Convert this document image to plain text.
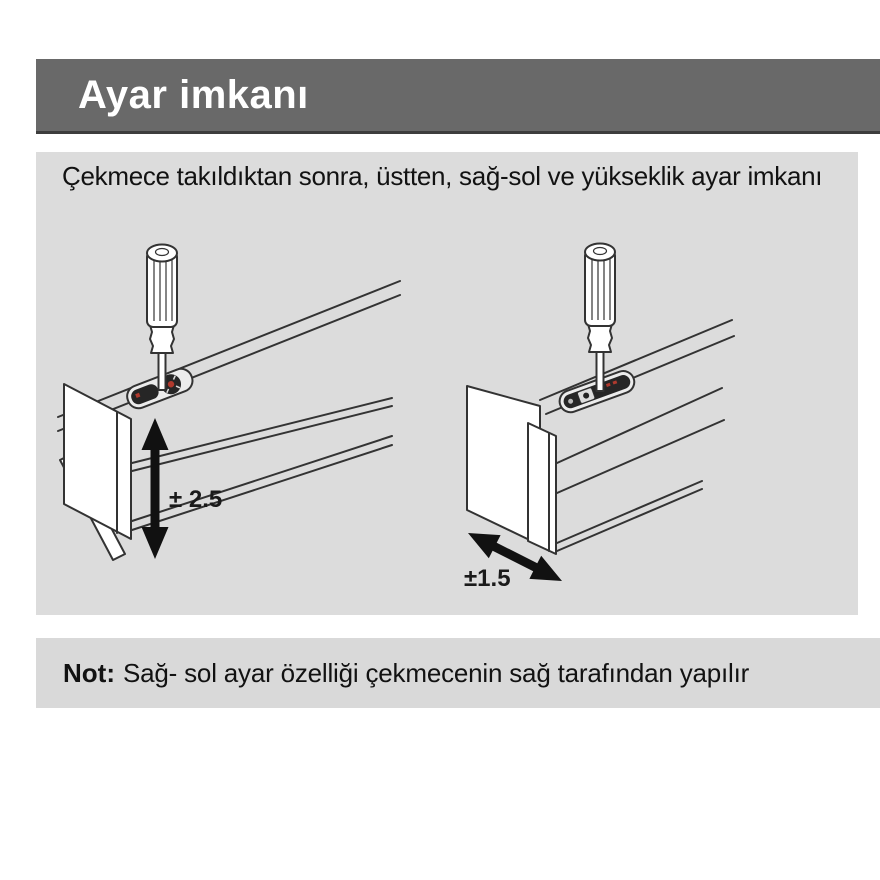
Ayar imkanı
Çekmece takıldıktan sonra, üstten, sağ-sol ve yükseklik ayar imkanı
± 2.5
±1.5
Not: Sağ- sol ayar özelliği çekmecenin sağ tarafından yapılır
